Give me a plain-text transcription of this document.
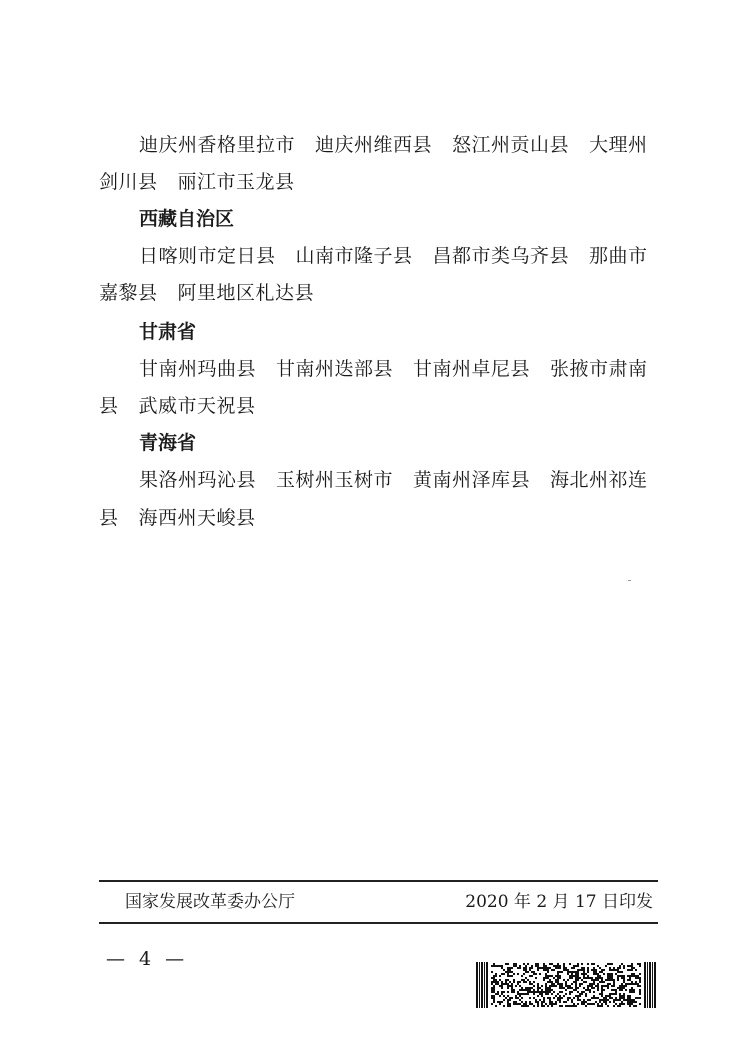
迪庆州香格里拉市 迪庆州维西县 怒江州贡山县 大理州
剑川县 丽江市玉龙县
西藏自治区
日喀则市定日县 山南市隆子县 昌都市类乌齐县 那曲市
嘉黎县 阿里地区札达县
甘肃省
甘南州玛曲县 甘南州迭部县 甘南州卓尼县 张掖市肃南
县 武威市天祝县
青海省
果洛州玛沁县 玉树州玉树市 黄南州泽库县 海北州祁连
县 海西州天峻县
国家发展改革委办公厅	2020 年 2 月 17 日印发
— 4 —
